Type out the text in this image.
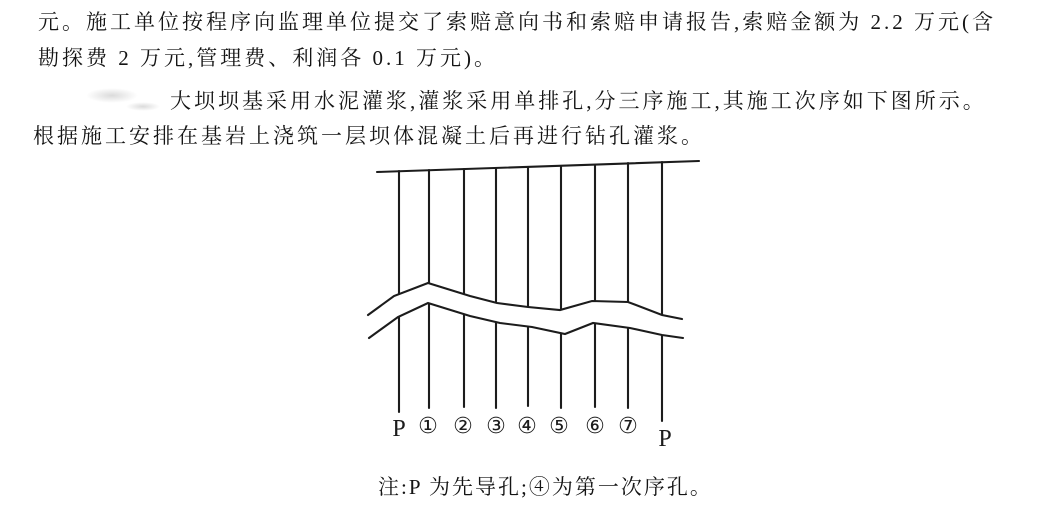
元。施工单位按程序向监理单位提交了索赔意向书和索赔申请报告,索赔金额为 2.2 万元(含
勘探费 2 万元,管理费、利润各 0.1 万元)。
大坝坝基采用水泥灌浆,灌浆采用单排孔,分三序施工,其施工次序如下图所示。
根据施工安排在基岩上浇筑一层坝体混凝土后再进行钻孔灌浆。
P ① ② ③ ④ ⑤ ⑥ ⑦ P
注:P 为先导孔;④为第一次序孔。
